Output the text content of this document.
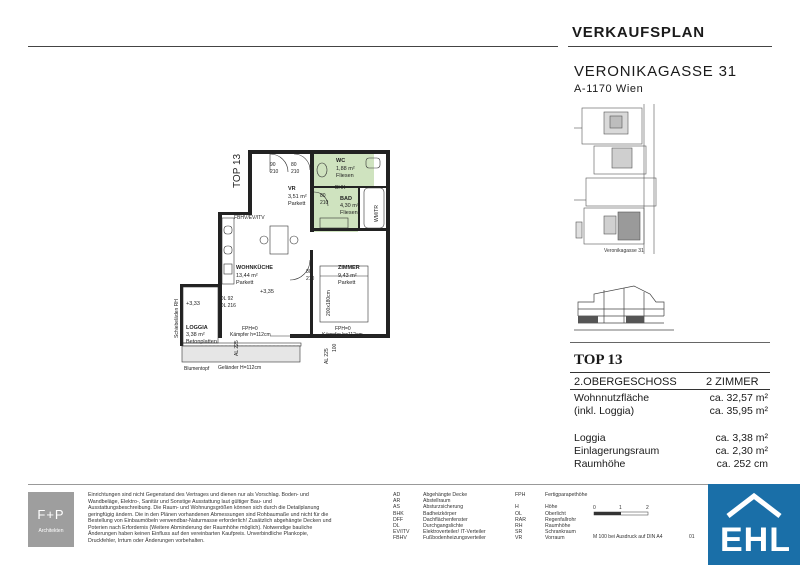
VERKAUFSPLAN
VERONIKAGASSE 31
A-1170 Wien
Veronikagasse 31
TOP 13
2.OBERGESCHOSS	2 ZIMMER
Wohnnutzfläche	ca. 32,57 m²
(inkl. Loggia)	ca. 35,95 m²
Loggia	ca. 3,38 m²
Einlagerungsraum	ca. 2,30 m²
Raumhöhe	ca. 252 cm
90
210
80
210
80
210
80
210
BHK
FBHV/EV/ITV
DL 92
DL 216
FPH=0
Kämpfer h=112cm
FPH=0
Kämpfer h=112cm
Geländer H=112cm
Blumentopf
AL 225
AL 225
100
200x180cm
WM/TR
Schiebeläden RH
WC
1,88 m²
Fliesen
BAD
4,30 m²
Fliesen
VR
3,51 m²
Parkett
WOHNKÜCHE
13,44 m²
Parkett
+3,35
ZIMMER
9,43 m²
Parkett
LOGGIA
3,38 m²
Betonplatten
+3,33
TOP 13
F+P
Architekten
Einrichtungen sind nicht Gegenstand des Vertrages und dienen nur als Vorschlag. Boden- und Wandbeläge, Elektro-, Sanitär und Sonstige Ausstattung laut gültiger Bau- und Ausstattungsbeschreibung. Die Raum- und Wohnungsgrößen können sich durch die Detailplanung geringfügig ändern. Die in den Plänen vorhandenen Abmessungen sind Rohbaumaße und nicht für die Bestellung von Einbaumöbeln verwendbar-Naturmasse erforderlich! Zusätzlich abgehängte Decken und Poterien nach Erfordernis (Weitere Abminderung der Raumhöhe möglich). Notwendige bauliche Änderungen haben keinen Einfluss auf den vereinbarten Kaufpreis. Unverbindliche Plankopie, Druckfehler, Irrtum oder Änderungen vorbehalten.
AD	Abgehängte Decke	FPH	Fertigparapethöhe
AR	Abstellraum
AS	Absturzsicherung	H	Höhe
BHK	Badheizkörper	OL	Oberlicht
DFF	Dachflächenfenster	RAR	Regenfallrohr
DL	Durchgangslichte	RH	Raumhöhe
EV/ITV	Elektroverteiler/ IT-Verteiler	SR	Schrankraum
FBHV	Fußbodenheizungsverteiler	VR	Vorraum
0	1	2
M 100 bei Ausdruck auf DIN A4	01 EHL
